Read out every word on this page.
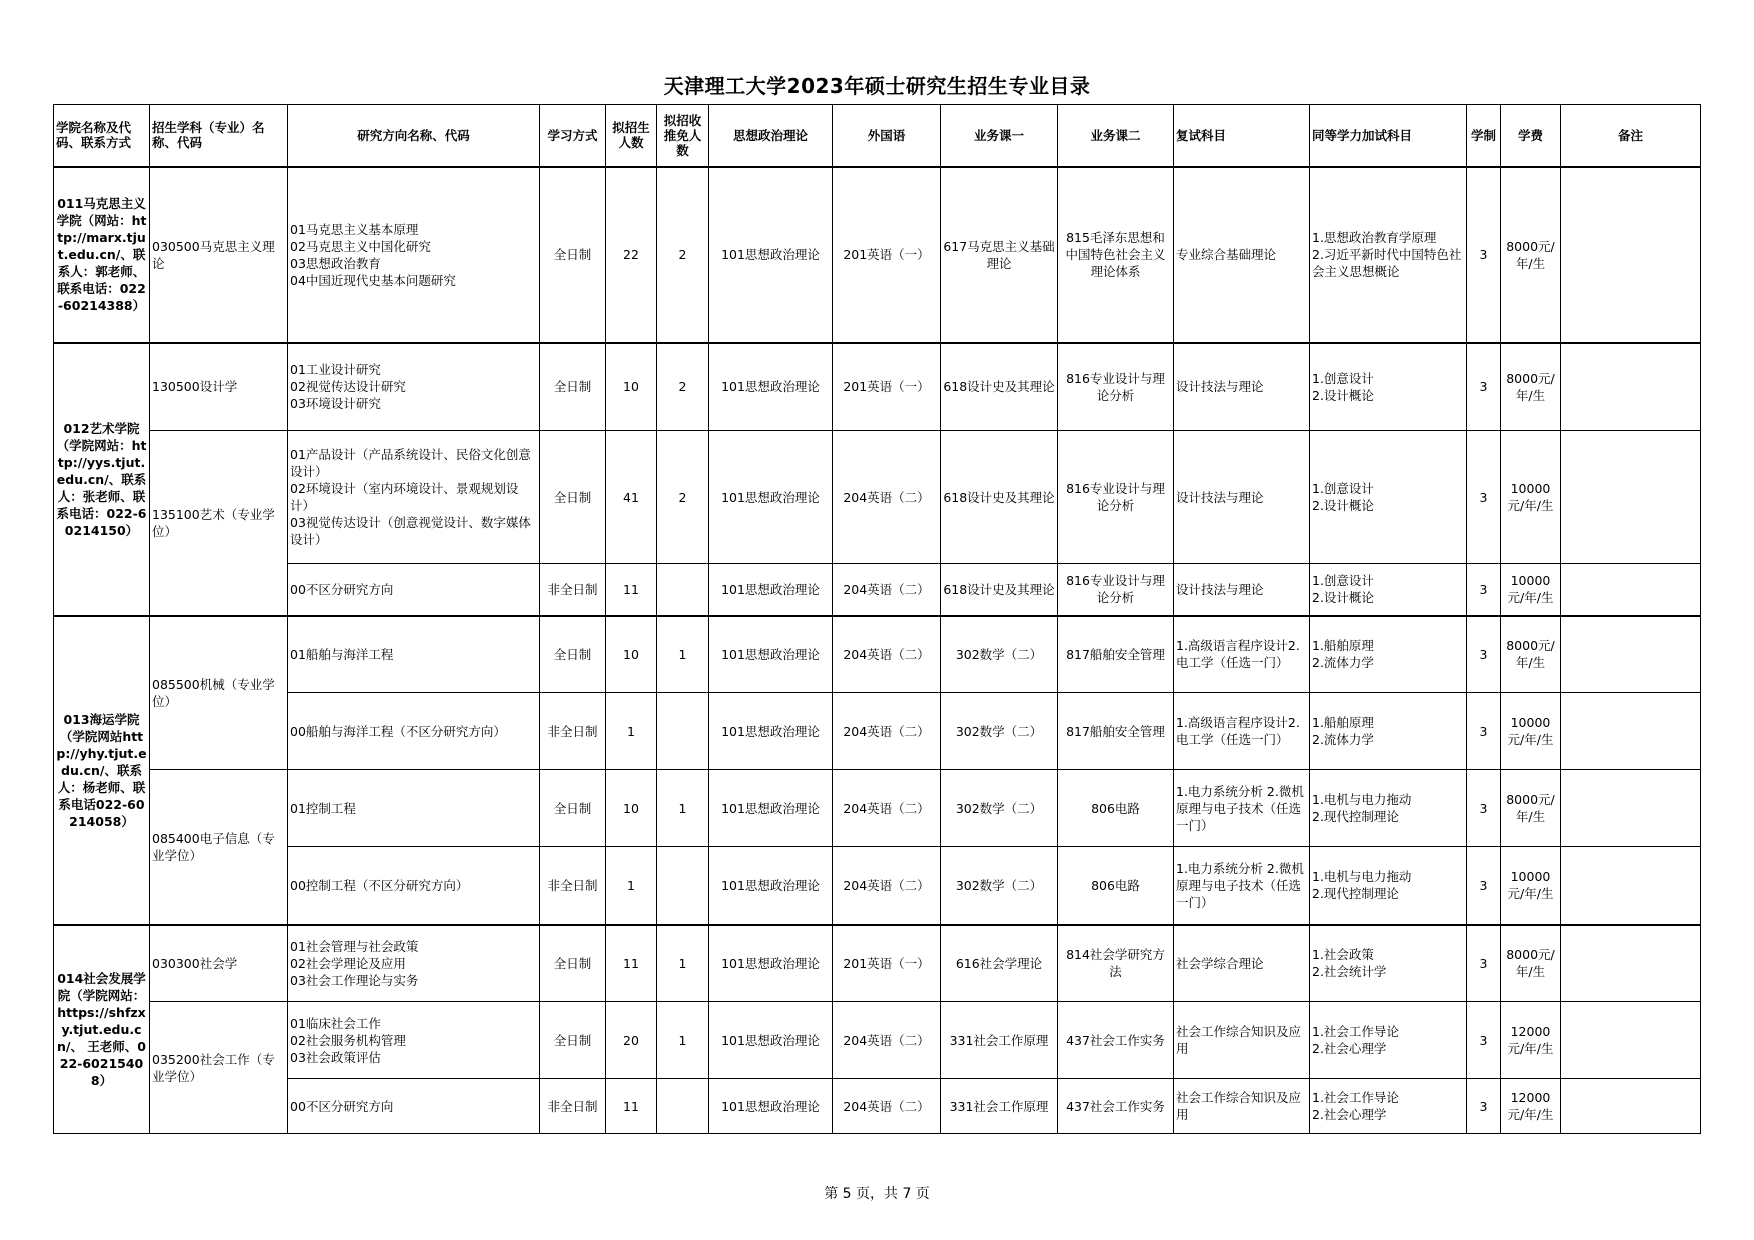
天津理工大学2023年硕士研究生招生专业目录
学院名称及代码、联系方式	招生学科（专业）名称、代码	研究方向名称、代码	学习方式	拟招生人数	拟招收推免人数	思想政治理论	外国语	业务课一	业务课二	复试科目	同等学力加试科目	学制	学费	备注
011马克思主义学院（网站：http://marx.tjut.edu.cn/、联系人：郭老师、联系电话：022-60214388）	030500马克思主义理论	01马克思主义基本原理
02马克思主义中国化研究
03思想政治教育
04中国近现代史基本问题研究	全日制	22	2	101思想政治理论	201英语（一）	617马克思主义基础理论	815毛泽东思想和中国特色社会主义理论体系	专业综合基础理论	1.思想政治教育学原理
2.习近平新时代中国特色社会主义思想概论	3	8000元/年/生	
012艺术学院（学院网站：http://yys.tjut.edu.cn/、联系人：张老师、联系电话：022-60214150）	130500设计学	01工业设计研究
02视觉传达设计研究
03环境设计研究	全日制	10	2	101思想政治理论	201英语（一）	618设计史及其理论	816专业设计与理论分析	设计技法与理论	1.创意设计
2.设计概论	3	8000元/年/生	
	135100艺术（专业学位）	01产品设计（产品系统设计、民俗文化创意设计）
02环境设计（室内环境设计、景观规划设计）
03视觉传达设计（创意视觉设计、数字媒体设计）	全日制	41	2	101思想政治理论	204英语（二）	618设计史及其理论	816专业设计与理论分析	设计技法与理论	1.创意设计
2.设计概论	3	10000元/年/生	
		00不区分研究方向	非全日制	11		101思想政治理论	204英语（二）	618设计史及其理论	816专业设计与理论分析	设计技法与理论	1.创意设计
2.设计概论	3	10000元/年/生	
013海运学院（学院网站http://yhy.tjut.edu.cn/、联系人：杨老师、联系电话022-60214058）	085500机械（专业学位）	01船舶与海洋工程	全日制	10	1	101思想政治理论	204英语（二）	302数学（二）	817船舶安全管理	1.高级语言程序设计2.电工学（任选一门）	1.船舶原理
2.流体力学	3	8000元/年/生	
		00船舶与海洋工程（不区分研究方向）	非全日制	1		101思想政治理论	204英语（二）	302数学（二）	817船舶安全管理	1.高级语言程序设计2.电工学（任选一门）	1.船舶原理
2.流体力学	3	10000元/年/生	
	085400电子信息（专业学位）	01控制工程	全日制	10	1	101思想政治理论	204英语（二）	302数学（二）	806电路	1.电力系统分析 2.微机原理与电子技术（任选一门）	1.电机与电力拖动
2.现代控制理论	3	8000元/年/生	
		00控制工程（不区分研究方向）	非全日制	1		101思想政治理论	204英语（二）	302数学（二）	806电路	1.电力系统分析 2.微机原理与电子技术（任选一门）	1.电机与电力拖动
2.现代控制理论	3	10000元/年/生	
014社会发展学院（学院网站：https://shfzxy.tjut.edu.cn/、 王老师、022-60215408）	030300社会学	01社会管理与社会政策
02社会学理论及应用
03社会工作理论与实务	全日制	11	1	101思想政治理论	201英语（一）	616社会学理论	814社会学研究方法	社会学综合理论	1.社会政策
2.社会统计学	3	8000元/年/生	
	035200社会工作（专业学位）	01临床社会工作
02社会服务机构管理
03社会政策评估	全日制	20	1	101思想政治理论	204英语（二）	331社会工作原理	437社会工作实务	社会工作综合知识及应用	1.社会工作导论
2.社会心理学	3	12000元/年/生	
		00不区分研究方向	非全日制	11		101思想政治理论	204英语（二）	331社会工作原理	437社会工作实务	社会工作综合知识及应用	1.社会工作导论
2.社会心理学	3	12000元/年/生	
第 5 页，共 7 页
